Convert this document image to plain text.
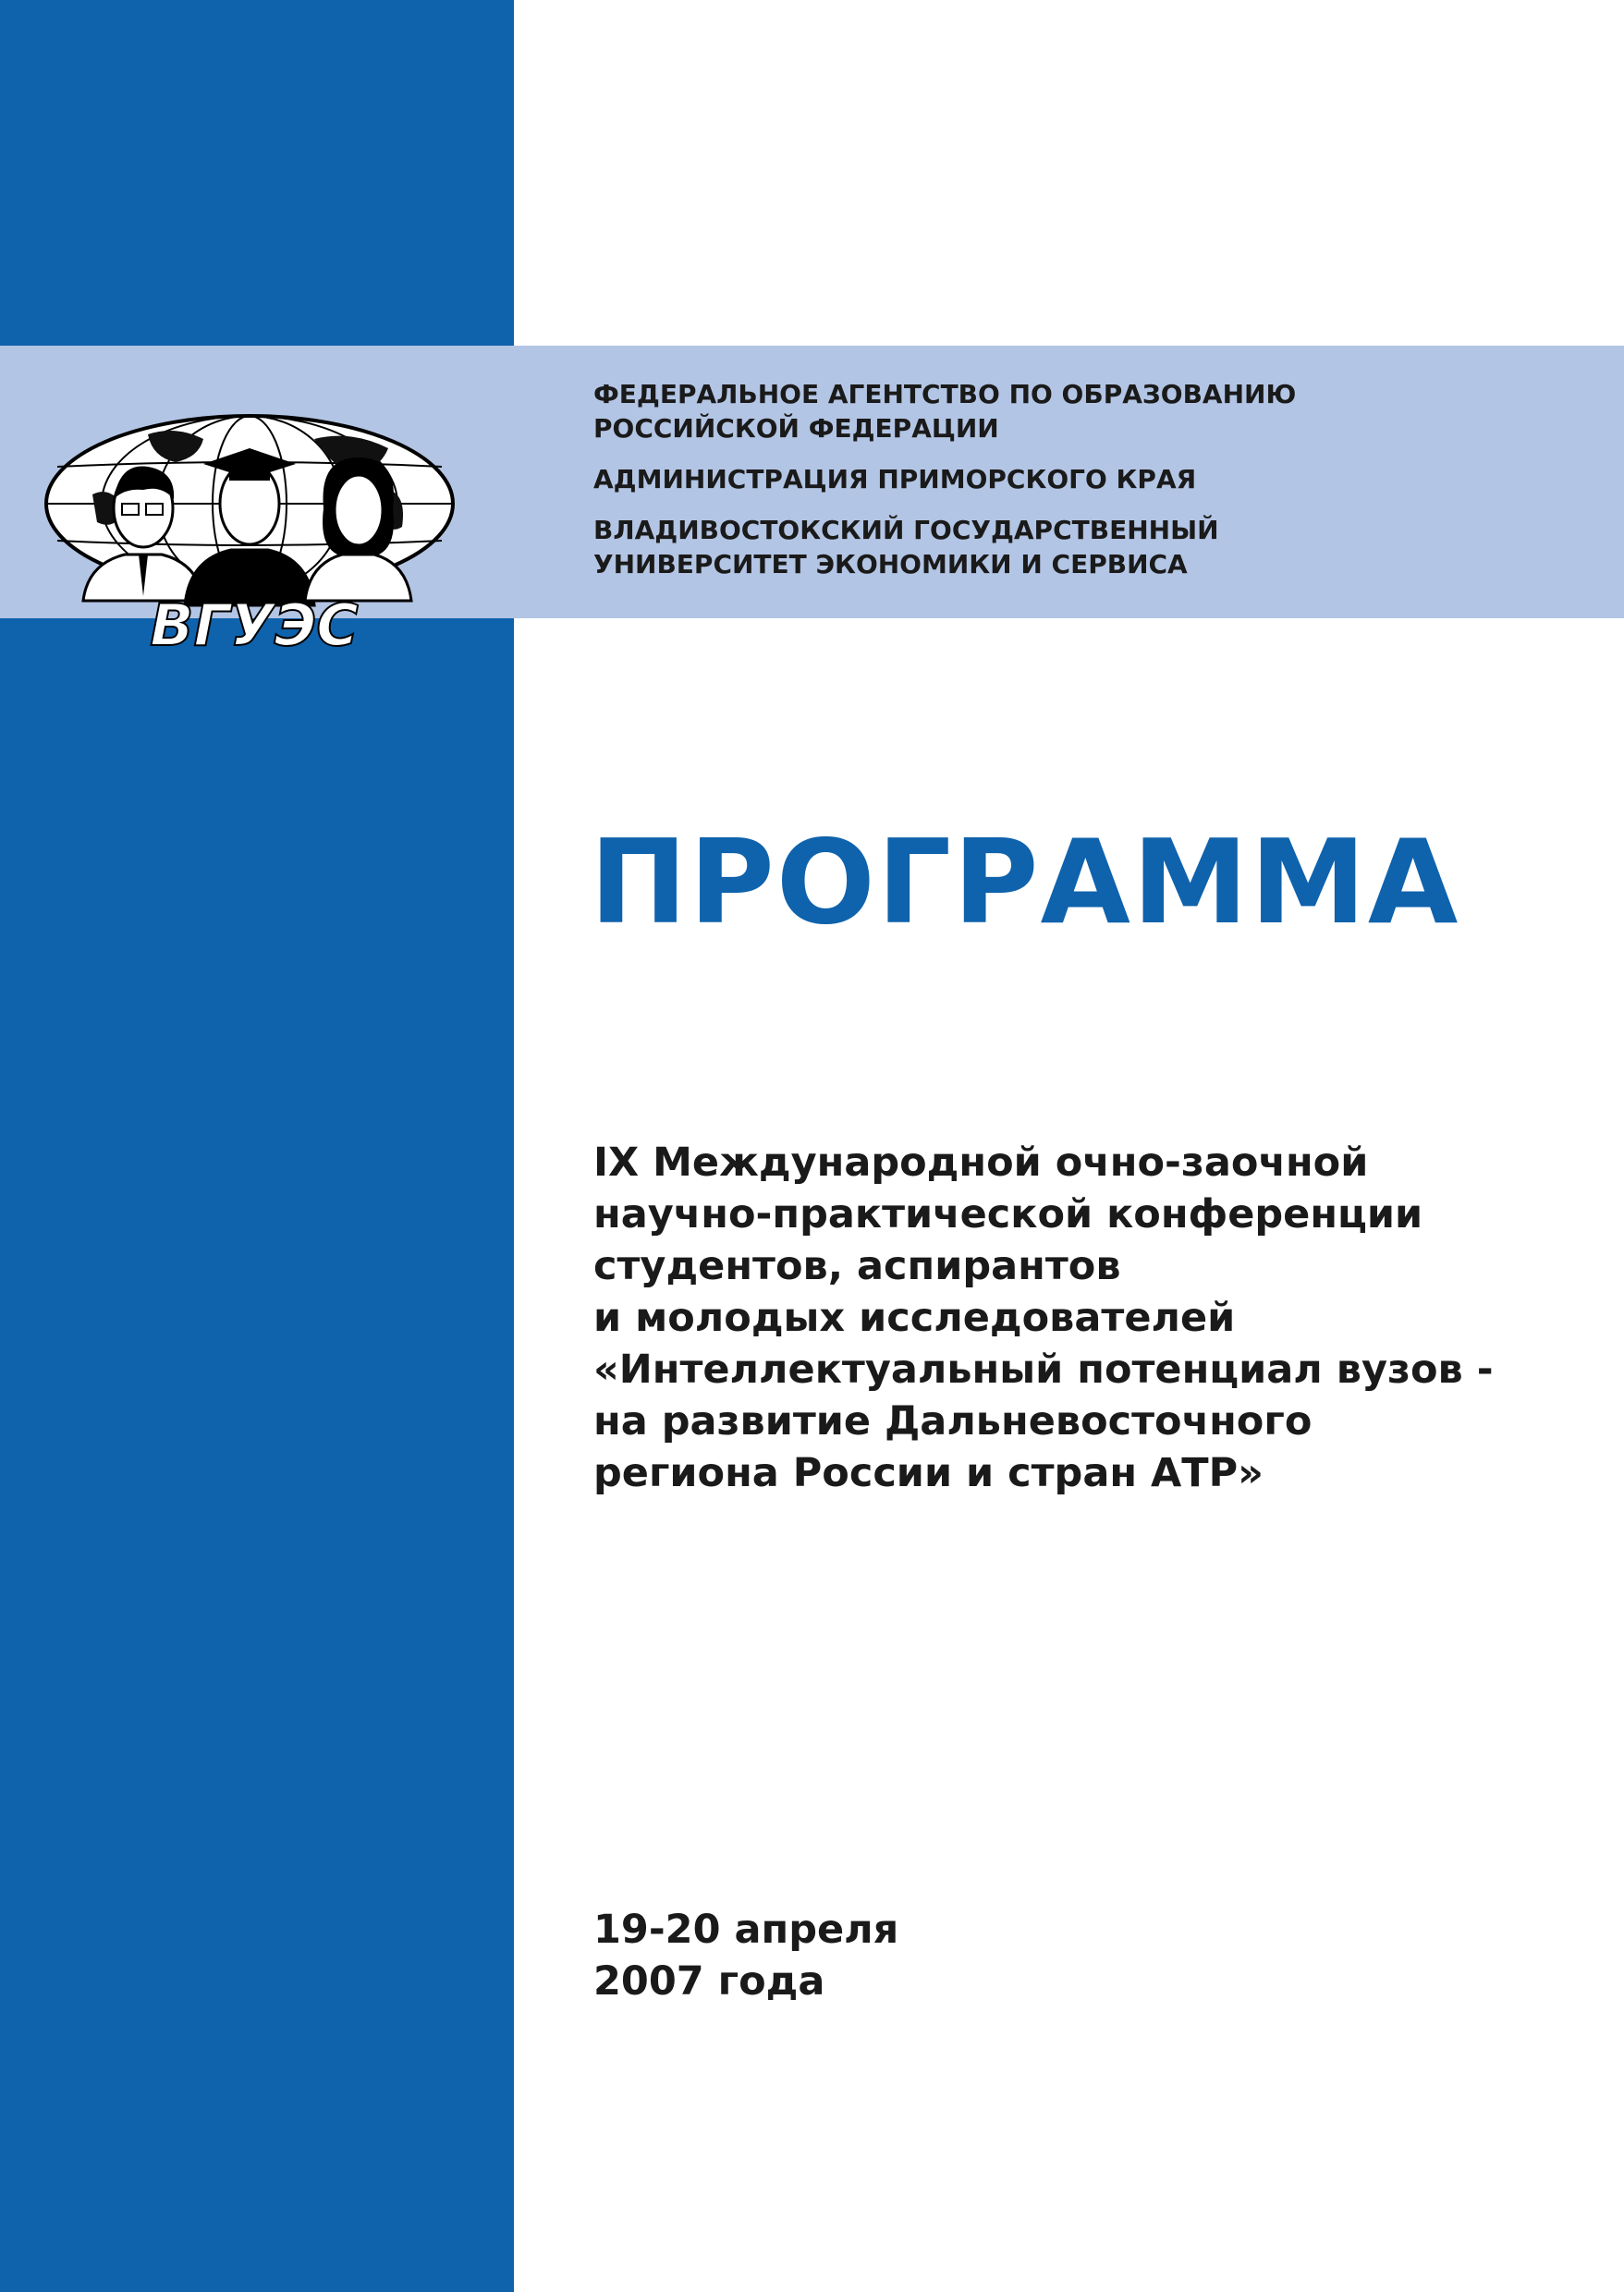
ВГУЭС
ФЕДЕРАЛЬНОЕ АГЕНТСТВО ПО ОБРАЗОВАНИЮ
РОССИЙСКОЙ ФЕДЕРАЦИИ
АДМИНИСТРАЦИЯ ПРИМОРСКОГО КРАЯ
ВЛАДИВОСТОКСКИЙ ГОСУДАРСТВЕННЫЙ
УНИВЕРСИТЕТ ЭКОНОМИКИ И СЕРВИСА
ПРОГРАММА
IX Международной очно-заочной
научно-практической конференции
студентов, аспирантов
и молодых исследователей
«Интеллектуальный потенциал вузов -
на развитие Дальневосточного
региона России и стран АТР»
19-20 апреля
2007 года
